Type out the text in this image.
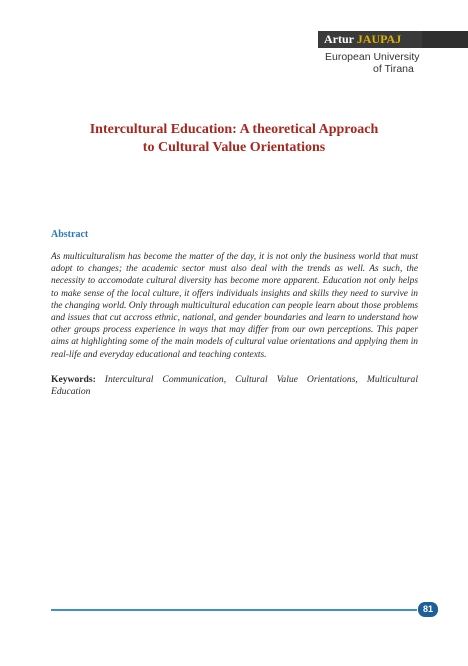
Artur JAUPAJ
European University
of Tirana
Intercultural Education: A theoretical Approach
to Cultural Value Orientations
Abstract

As multiculturalism has become the matter of the day, it is not only the business world that must adopt to changes; the academic sector must also deal with the trends as well. As such, the necessity to accomodate cultural diversity has become more apparent. Education not only helps to make sense of the local culture, it offers individuals insights and skills they need to survive in the changing world. Only through multicultural education can people learn about those problems and issues that cut accross ethnic, national, and gender boundaries and learn to understand how other groups process experience in ways that may differ from our own perceptions. This paper aims at highlighting some of the main models of cultural value orientations and applying them in real-life and everyday educational and teaching contexts.

Keywords: Intercultural Communication, Cultural Value Orientations, Multicultural Education

81
